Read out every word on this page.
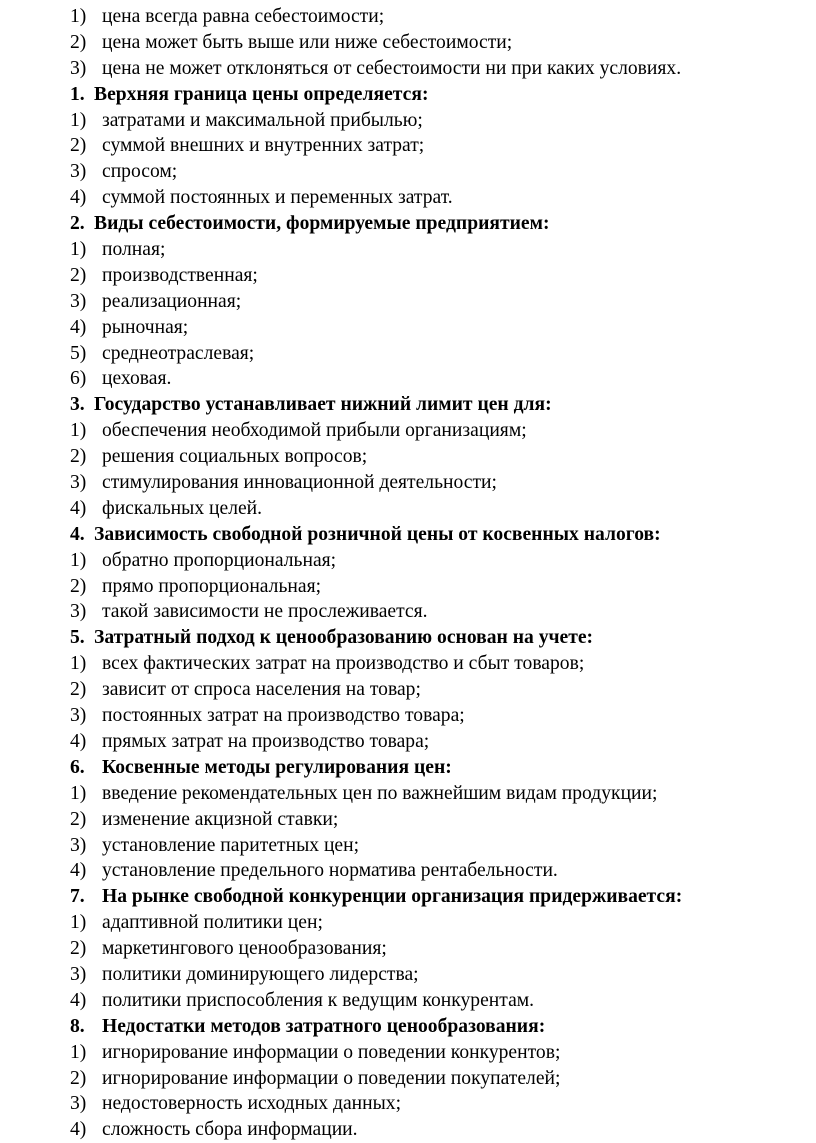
1) цена всегда равна себестоимости;
2) цена может быть выше или ниже себестоимости;
3) цена не может отклоняться от себестоимости ни при каких условиях.
1. Верхняя граница цены определяется:
1) затратами и максимальной прибылью;
2) суммой внешних и внутренних затрат;
3) спросом;
4) суммой постоянных и переменных затрат.
2. Виды себестоимости, формируемые предприятием:
1) полная;
2) производственная;
3) реализационная;
4) рыночная;
5) среднеотраслевая;
6) цеховая.
3. Государство устанавливает нижний лимит цен для:
1) обеспечения необходимой прибыли организациям;
2) решения социальных вопросов;
3) стимулирования инновационной деятельности;
4) фискальных целей.
4. Зависимость свободной розничной цены от косвенных налогов:
1) обратно пропорциональная;
2) прямо пропорциональная;
3) такой зависимости не прослеживается.
5. Затратный подход к ценообразованию основан на учете:
1) всех фактических затрат на производство и сбыт товаров;
2) зависит от спроса населения на товар;
3) постоянных затрат на производство товара;
4) прямых затрат на производство товара;
6. Косвенные методы регулирования цен:
1) введение рекомендательных цен по важнейшим видам продукции;
2) изменение акцизной ставки;
3) установление паритетных цен;
4) установление предельного норматива рентабельности.
7. На рынке свободной конкуренции организация придерживается:
1) адаптивной политики цен;
2) маркетингового ценообразования;
3) политики доминирующего лидерства;
4) политики приспособления к ведущим конкурентам.
8. Недостатки методов затратного ценообразования:
1) игнорирование информации о поведении конкурентов;
2) игнорирование информации о поведении покупателей;
3) недостоверность исходных данных;
4) сложность сбора информации.
